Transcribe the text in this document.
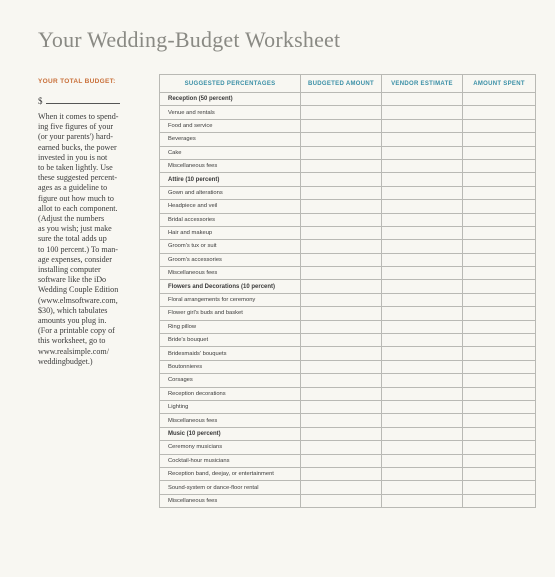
Your Wedding-Budget Worksheet
YOUR TOTAL BUDGET:
$
When it comes to spend-
ing five figures of your
(or your parents') hard-
earned bucks, the power
invested in you is not
to be taken lightly. Use
these suggested percent-
ages as a guideline to
figure out how much to
allot to each component.
(Adjust the numbers
as you wish; just make
sure the total adds up
to 100 percent.) To man-
age expenses, consider
installing computer
software like the iDo
Wedding Couple Edition
(www.elmsoftware.com,
$30), which tabulates
amounts you plug in.
(For a printable copy of
this worksheet, go to
www.realsimple.com/
weddingbudget.)
SUGGESTED PERCENTAGES	BUDGETED AMOUNT	VENDOR ESTIMATE	AMOUNT SPENT
Reception (50 percent)			
Venue and rentals			
Food and service			
Beverages			
Cake			
Miscellaneous fees			
Attire (10 percent)			
Gown and alterations			
Headpiece and veil			
Bridal accessories			
Hair and makeup			
Groom's tux or suit			
Groom's accessories			
Miscellaneous fees			
Flowers and Decorations (10 percent)			
Floral arrangements for ceremony			
Flower girl's buds and basket			
Ring pillow			
Bride's bouquet			
Bridesmaids' bouquets			
Boutonnieres			
Corsages			
Reception decorations			
Lighting			
Miscellaneous fees			
Music (10 percent)			
Ceremony musicians			
Cocktail-hour musicians			
Reception band, deejay, or entertainment			
Sound-system or dance-floor rental			
Miscellaneous fees			
